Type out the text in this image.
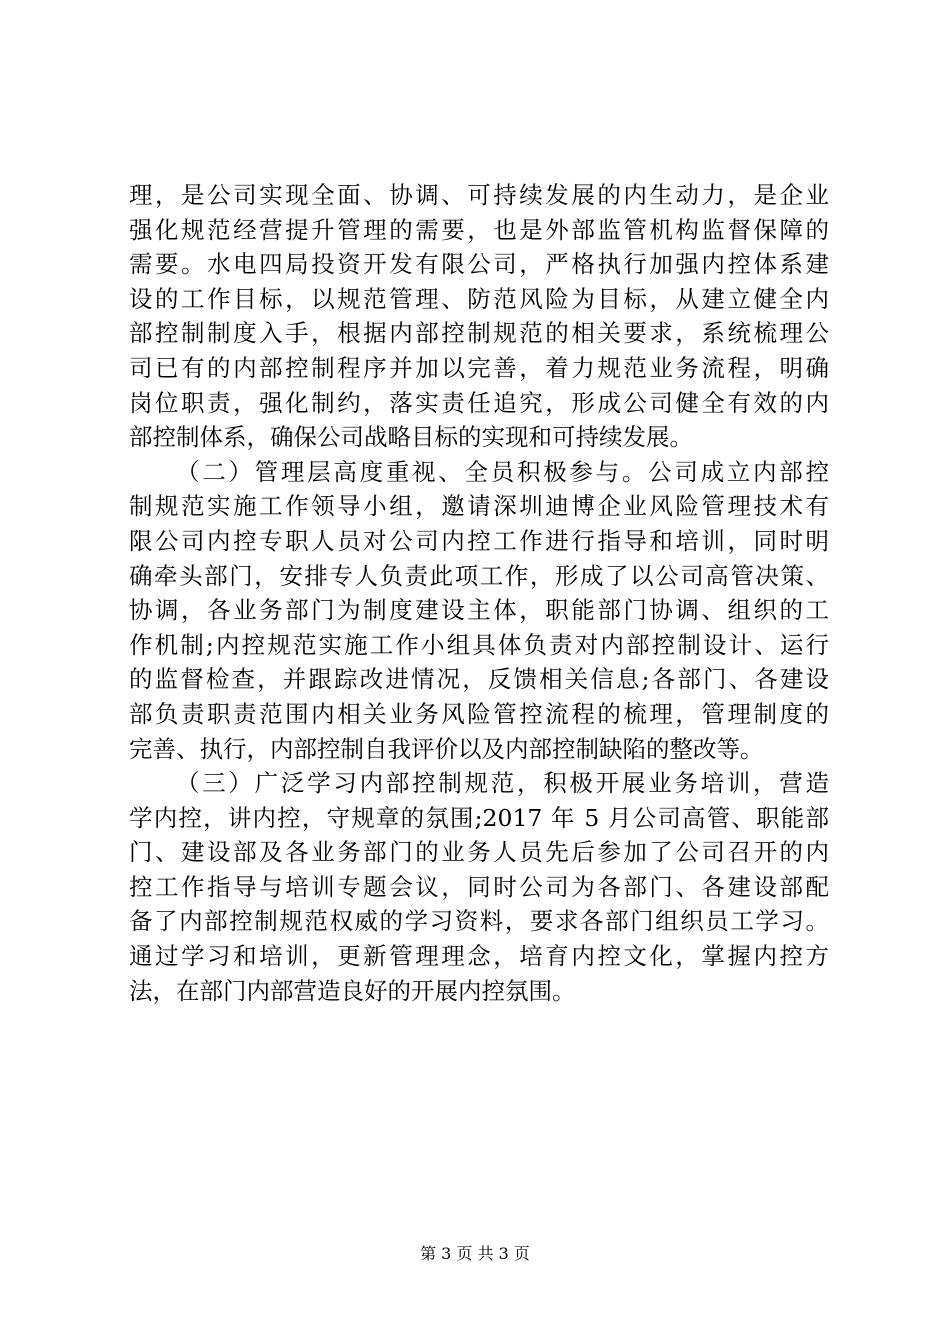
理，是公司实现全面、协调、可持续发展的内生动力，是企业
强化规范经营提升管理的需要，也是外部监管机构监督保障的
需要。水电四局投资开发有限公司，严格执行加强内控体系建
设的工作目标，以规范管理、防范风险为目标，从建立健全内
部控制制度入手，根据内部控制规范的相关要求，系统梳理公
司已有的内部控制程序并加以完善，着力规范业务流程，明确
岗位职责，强化制约，落实责任追究，形成公司健全有效的内
部控制体系，确保公司战略目标的实现和可持续发展。
（二）管理层高度重视、全员积极参与。公司成立内部控
制规范实施工作领导小组，邀请深圳迪博企业风险管理技术有
限公司内控专职人员对公司内控工作进行指导和培训，同时明
确牵头部门，安排专人负责此项工作，形成了以公司高管决策、
协调，各业务部门为制度建设主体，职能部门协调、组织的工
作机制;内控规范实施工作小组具体负责对内部控制设计、运行
的监督检查，并跟踪改进情况，反馈相关信息;各部门、各建设
部负责职责范围内相关业务风险管控流程的梳理，管理制度的
完善、执行，内部控制自我评价以及内部控制缺陷的整改等。
（三）广泛学习内部控制规范，积极开展业务培训，营造
学内控，讲内控，守规章的氛围;2017 年 5 月公司高管、职能部
门、建设部及各业务部门的业务人员先后参加了公司召开的内
控工作指导与培训专题会议，同时公司为各部门、各建设部配
备了内部控制规范权威的学习资料，要求各部门组织员工学习。
通过学习和培训，更新管理理念，培育内控文化，掌握内控方
法，在部门内部营造良好的开展内控氛围。
第 3 页 共 3 页
